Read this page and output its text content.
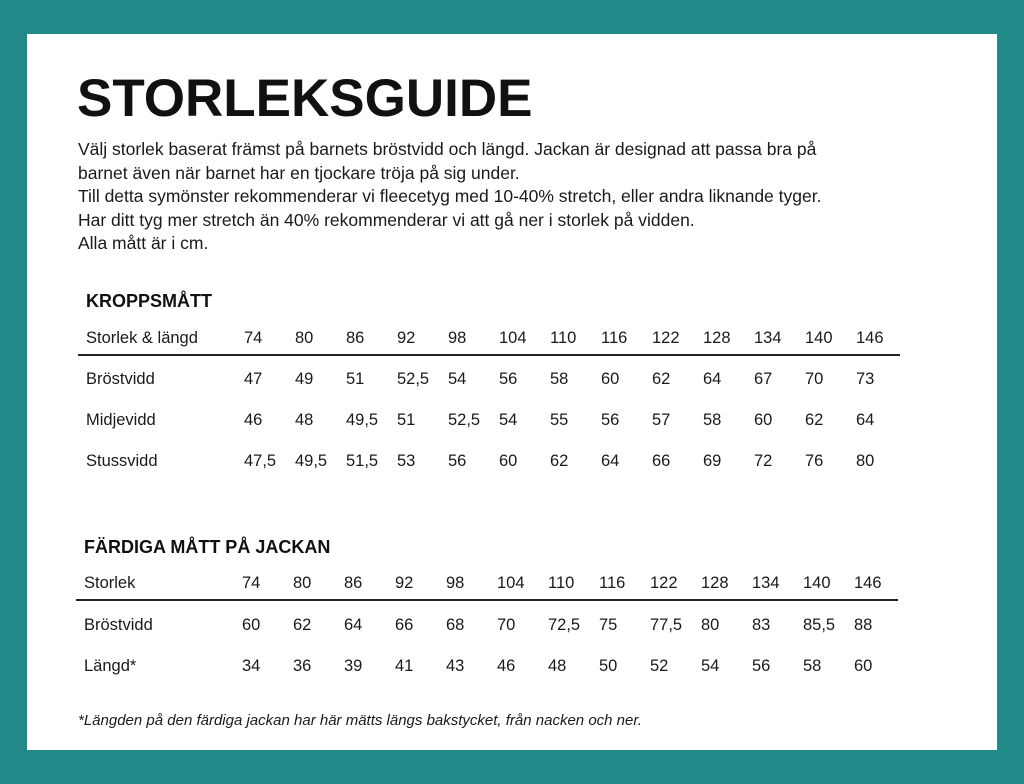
STORLEKSGUIDE
Välj storlek baserat främst på barnets bröstvidd och längd. Jackan är designad att passa bra på
barnet även när barnet har en tjockare tröja på sig under.
Till detta symönster rekommenderar vi fleecetyg med 10-40% stretch, eller andra liknande tyger.
Har ditt tyg mer stretch än 40% rekommenderar vi att gå ner i storlek på vidden.
Alla mått är i cm.
KROPPSMÅTT
Storlek & längd	74 80 86 92 98 104 110 116 122 128 134 140 146
Bröstvidd	47 49 51 52,5 54 56 58 60 62 64 67 70 73
Midjevidd	46 48 49,5 51 52,5 54 55 56 57 58 60 62 64
Stussvidd	47,5 49,5 51,5 53 56 60 62 64 66 69 72 76 80
FÄRDIGA MÅTT PÅ JACKAN
Storlek	74 80 86 92 98 104 110 116 122 128 134 140 146
Bröstvidd	60 62 64 66 68 70 72,5 75 77,5 80 83 85,5 88
Längd*	34 36 39 41 43 46 48 50 52 54 56 58 60
*Längden på den färdiga jackan har här mätts längs bakstycket, från nacken och ner.
